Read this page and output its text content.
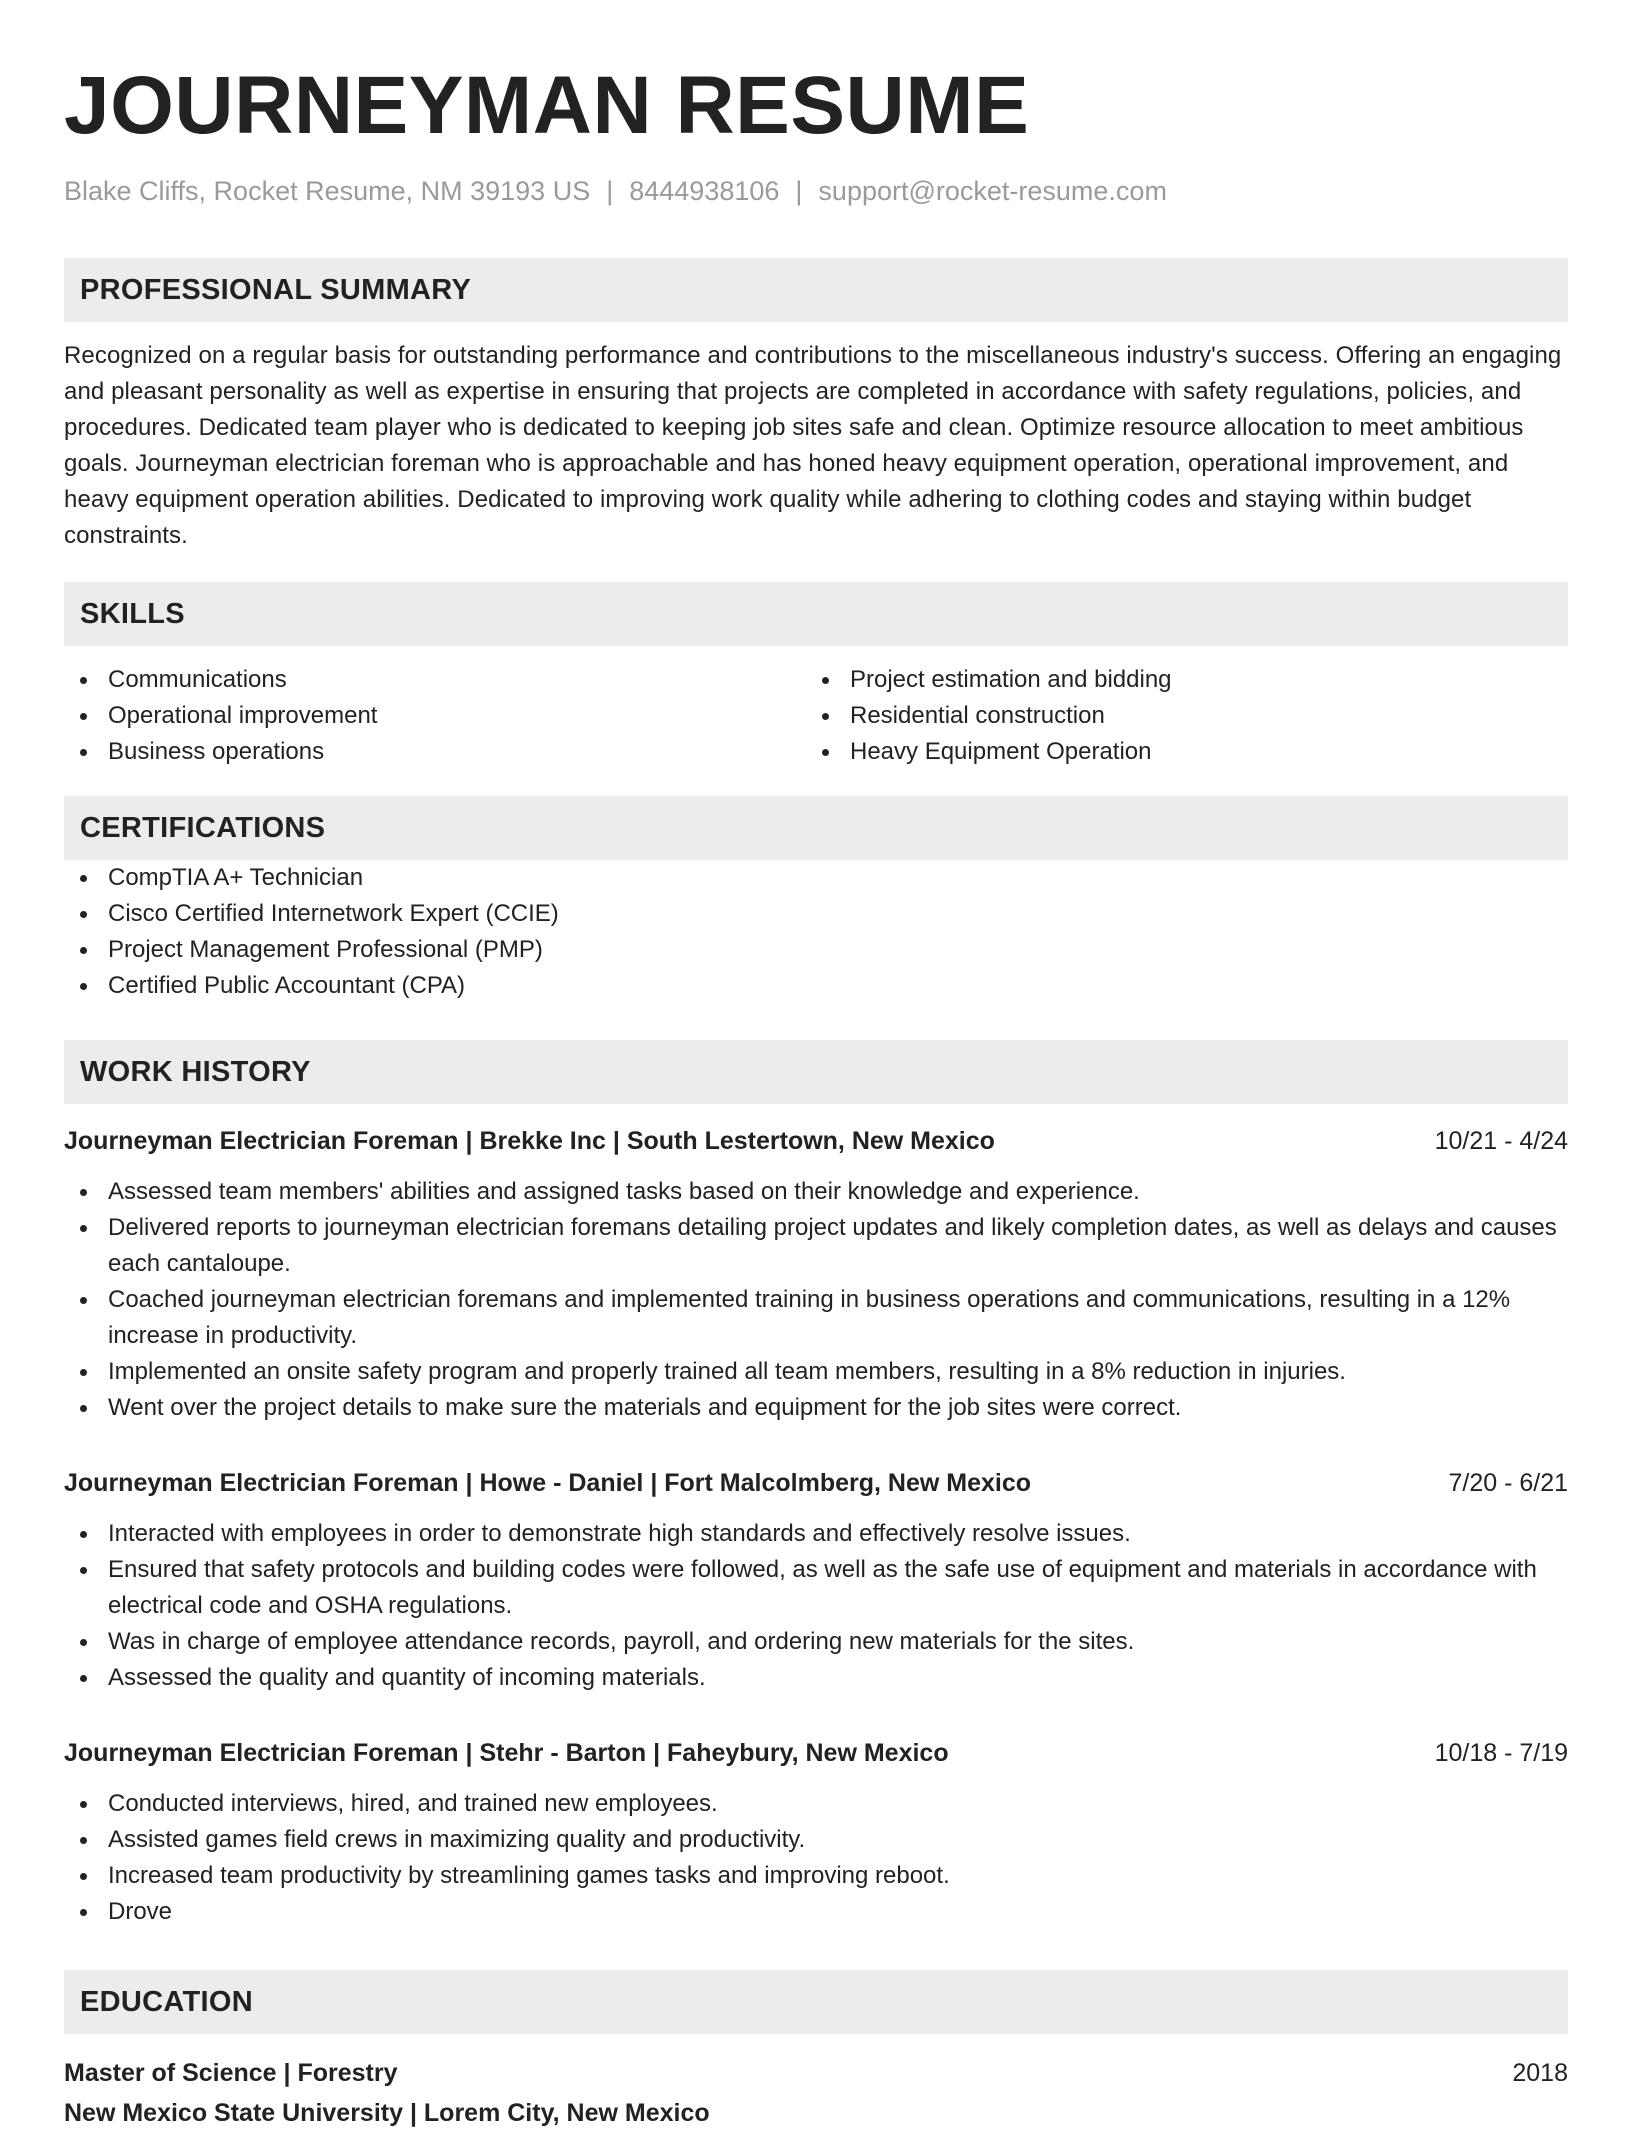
JOURNEYMAN RESUME
Blake Cliffs, Rocket Resume, NM 39193 US | 8444938106 | support@rocket-resume.com
PROFESSIONAL SUMMARY
Recognized on a regular basis for outstanding performance and contributions to the miscellaneous industry's success. Offering an engaging and pleasant personality as well as expertise in ensuring that projects are completed in accordance with safety regulations, policies, and procedures. Dedicated team player who is dedicated to keeping job sites safe and clean. Optimize resource allocation to meet ambitious goals. Journeyman electrician foreman who is approachable and has honed heavy equipment operation, operational improvement, and heavy equipment operation abilities. Dedicated to improving work quality while adhering to clothing codes and staying within budget constraints.
SKILLS
Communications
Operational improvement
Business operations
Project estimation and bidding
Residential construction
Heavy Equipment Operation
CERTIFICATIONS
CompTIA A+ Technician
Cisco Certified Internetwork Expert (CCIE)
Project Management Professional (PMP)
Certified Public Accountant (CPA)
WORK HISTORY
Journeyman Electrician Foreman | Brekke Inc | South Lestertown, New Mexico	10/21 - 4/24
Assessed team members' abilities and assigned tasks based on their knowledge and experience.
Delivered reports to journeyman electrician foremans detailing project updates and likely completion dates, as well as delays and causes each cantaloupe.
Coached journeyman electrician foremans and implemented training in business operations and communications, resulting in a 12% increase in productivity.
Implemented an onsite safety program and properly trained all team members, resulting in a 8% reduction in injuries.
Went over the project details to make sure the materials and equipment for the job sites were correct.
Journeyman Electrician Foreman | Howe - Daniel | Fort Malcolmberg, New Mexico	7/20 - 6/21
Interacted with employees in order to demonstrate high standards and effectively resolve issues.
Ensured that safety protocols and building codes were followed, as well as the safe use of equipment and materials in accordance with electrical code and OSHA regulations.
Was in charge of employee attendance records, payroll, and ordering new materials for the sites.
Assessed the quality and quantity of incoming materials.
Journeyman Electrician Foreman | Stehr - Barton | Faheybury, New Mexico	10/18 - 7/19
Conducted interviews, hired, and trained new employees.
Assisted games field crews in maximizing quality and productivity.
Increased team productivity by streamlining games tasks and improving reboot.
Drove
EDUCATION
Master of Science | Forestry	2018
New Mexico State University | Lorem City, New Mexico
